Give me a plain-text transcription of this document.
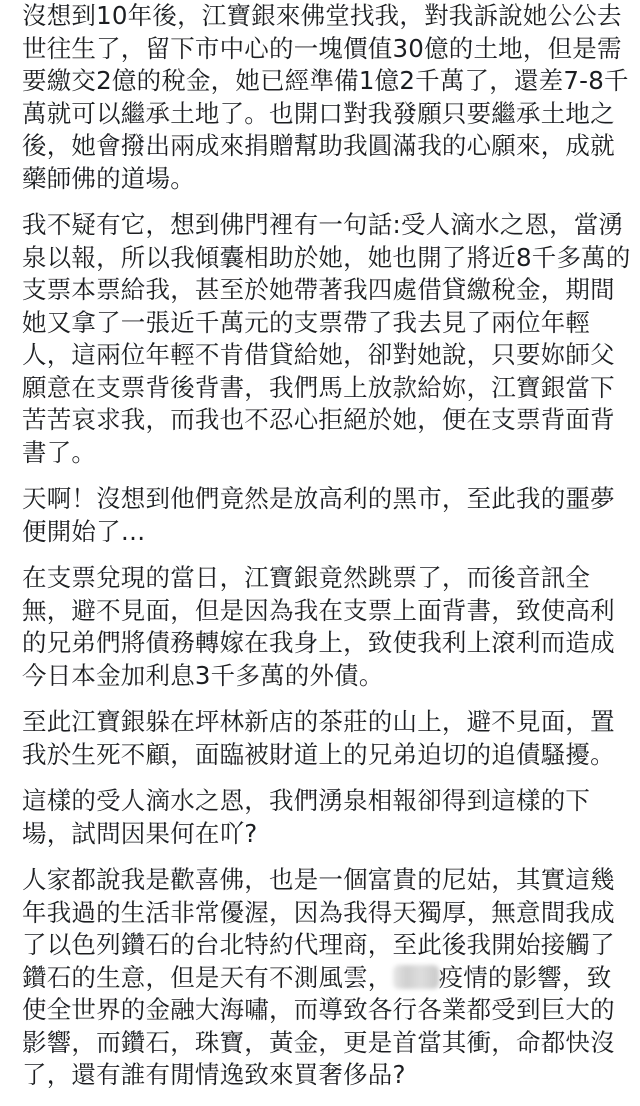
沒想到10年後，江寶銀來佛堂找我，對我訴說她公公去
世往生了，留下市中心的一塊價值30億的土地，但是需
要繳交2億的稅金，她已經準備1億2千萬了，還差7-8千
萬就可以繼承土地了。也開口對我發願只要繼承土地之
後，她會撥出兩成來捐贈幫助我圓滿我的心願來，成就
藥師佛的道場。

我不疑有它，想到佛門裡有一句話:受人滴水之恩，當湧
泉以報，所以我傾囊相助於她，她也開了將近8千多萬的
支票本票給我，甚至於她帶著我四處借貸繳稅金，期間
她又拿了一張近千萬元的支票帶了我去見了兩位年輕
人，這兩位年輕不肯借貸給她，卻對她說，只要妳師父
願意在支票背後背書，我們馬上放款給妳，江寶銀當下
苦苦哀求我，而我也不忍心拒絕於她，便在支票背面背
書了。

天啊！沒想到他們竟然是放高利的黑市，至此我的噩夢
便開始了…

在支票兌現的當日，江寶銀竟然跳票了，而後音訊全
無，避不見面，但是因為我在支票上面背書，致使高利
的兄弟們將債務轉嫁在我身上，致使我利上滾利而造成
今日本金加利息3千多萬的外債。

至此江寶銀躲在坪林新店的茶莊的山上，避不見面，置
我於生死不顧，面臨被財道上的兄弟迫切的追債騷擾。

這樣的受人滴水之恩，我們湧泉相報卻得到這樣的下
場，試問因果何在吖?

人家都說我是歡喜佛，也是一個富貴的尼姑，其實這幾
年我過的生活非常優渥，因為我得天獨厚，無意間我成
了以色列鑽石的台北特約代理商，至此後我開始接觸了
鑽石的生意，但是天有不測風雲， 疫情的影響，致
使全世界的金融大海嘯，而導致各行各業都受到巨大的
影響，而鑽石，珠寶，黃金，更是首當其衝，命都快沒
了，還有誰有閒情逸致來買奢侈品?
